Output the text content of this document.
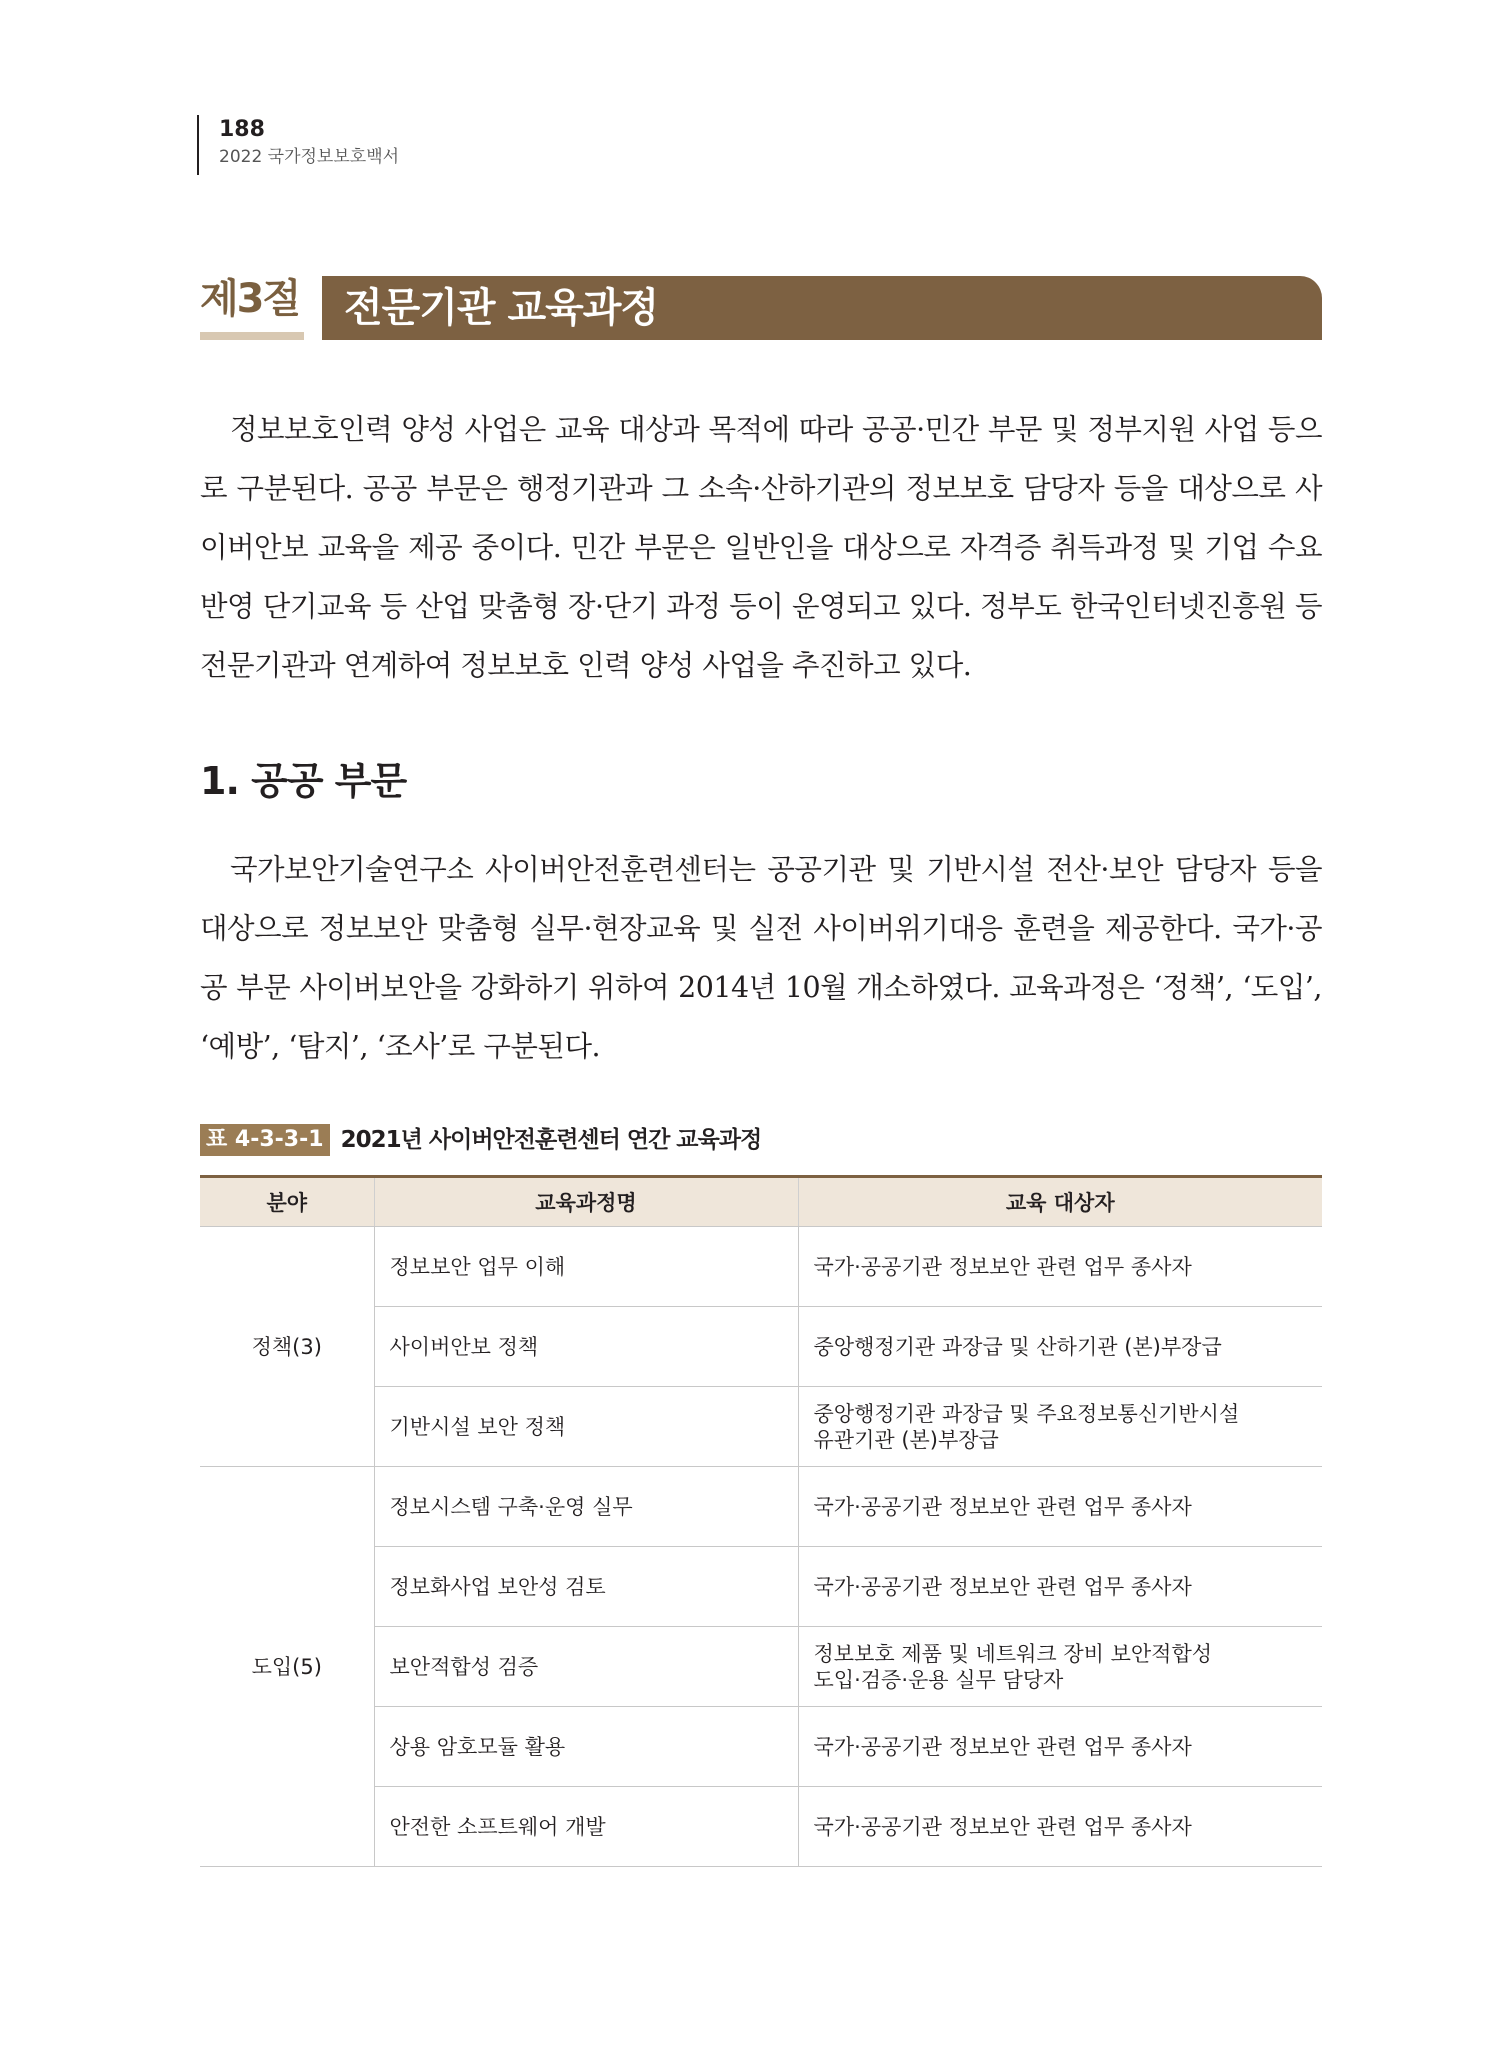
188
2022 국가정보보호백서
제3절	전문기관 교육과정

정보보호인력 양성 사업은 교육 대상과 목적에 따라 공공·민간 부문 및 정부지원 사업 등으로 구분된다. 공공 부문은 행정기관과 그 소속·산하기관의 정보보호 담당자 등을 대상으로 사이버안보 교육을 제공 중이다. 민간 부문은 일반인을 대상으로 자격증 취득과정 및 기업 수요 반영 단기교육 등 산업 맞춤형 장·단기 과정 등이 운영되고 있다. 정부도 한국인터넷진흥원 등 전문기관과 연계하여 정보보호 인력 양성 사업을 추진하고 있다.

1. 공공 부문

국가보안기술연구소 사이버안전훈련센터는 공공기관 및 기반시설 전산·보안 담당자 등을 대상으로 정보보안 맞춤형 실무·현장교육 및 실전 사이버위기대응 훈련을 제공한다. 국가·공공 부문 사이버보안을 강화하기 위하여 2014년 10월 개소하였다. 교육과정은 ‘정책’, ‘도입’, ‘예방’, ‘탐지’, ‘조사’로 구분된다.

표 4-3-3-1 2021년 사이버안전훈련센터 연간 교육과정
분야	교육과정명	교육 대상자
정책(3)	정보보안 업무 이해	국가·공공기관 정보보안 관련 업무 종사자
	사이버안보 정책	중앙행정기관 과장급 및 산하기관 (본)부장급
	기반시설 보안 정책	중앙행정기관 과장급 및 주요정보통신기반시설
유관기관 (본)부장급
도입(5)	정보시스템 구축·운영 실무	국가·공공기관 정보보안 관련 업무 종사자
	정보화사업 보안성 검토	국가·공공기관 정보보안 관련 업무 종사자
	보안적합성 검증	정보보호 제품 및 네트워크 장비 보안적합성
도입·검증·운용 실무 담당자
	상용 암호모듈 활용	국가·공공기관 정보보안 관련 업무 종사자
	안전한 소프트웨어 개발	국가·공공기관 정보보안 관련 업무 종사자
